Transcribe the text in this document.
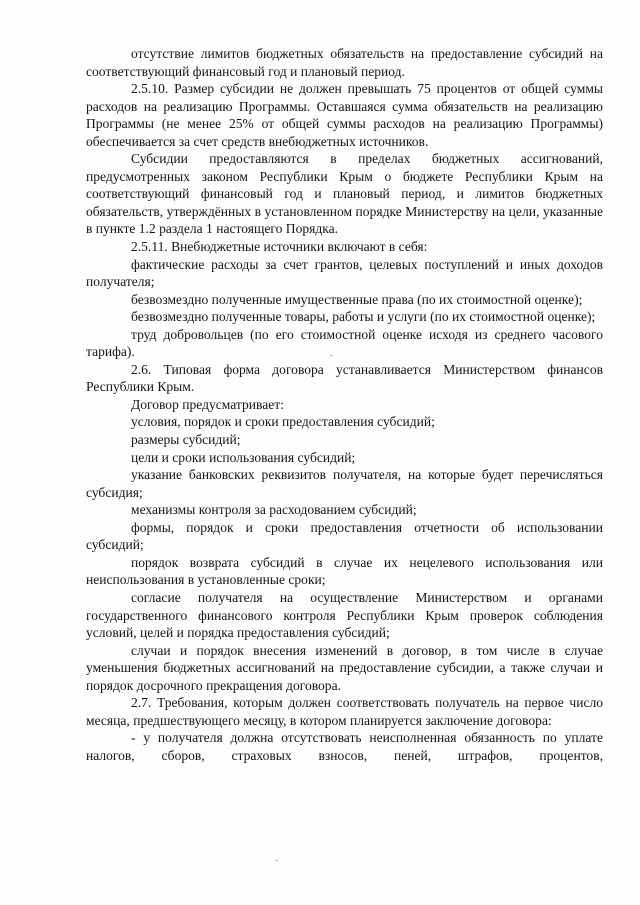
отсутствие лимитов бюджетных обязательств на предоставление субсидий на соответствующий финансовый год и плановый период.

2.5.10. Размер субсидии не должен превышать 75 процентов от общей суммы расходов на реализацию Программы. Оставшаяся сумма обязательств на реализацию Программы (не менее 25% от общей суммы расходов на реализацию Программы) обеспечивается за счет средств внебюджетных источников.

Субсидии предоставляются в пределах бюджетных ассигнований, предусмотренных законом Республики Крым о бюджете Республики Крым на соответствующий финансовый год и плановый период, и лимитов бюджетных обязательств, утверждённых в установленном порядке Министерству на цели, указанные в пункте 1.2 раздела 1 настоящего Порядка.

2.5.11. Внебюджетные источники включают в себя:

фактические расходы за счет грантов, целевых поступлений и иных доходов получателя;

безвозмездно полученные имущественные права (по их стоимостной оценке);

безвозмездно полученные товары, работы и услуги (по их стоимостной оценке);

труд добровольцев (по его стоимостной оценке исходя из среднего часового тарифа).

2.6. Типовая форма договора устанавливается Министерством финансов Республики Крым.

Договор предусматривает:

условия, порядок и сроки предоставления субсидий;

размеры субсидий;

цели и сроки использования субсидий;

указание банковских реквизитов получателя, на которые будет перечисляться субсидия;

механизмы контроля за расходованием субсидий;

формы, порядок и сроки предоставления отчетности об использовании субсидий;

порядок возврата субсидий в случае их нецелевого использования или неиспользования в установленные сроки;

согласие получателя на осуществление Министерством и органами государственного финансового контроля Республики Крым проверок соблюдения условий, целей и порядка предоставления субсидий;

случаи и порядок внесения изменений в договор, в том числе в случае уменьшения бюджетных ассигнований на предоставление субсидии, а также случаи и порядок досрочного прекращения договора.

2.7. Требования, которым должен соответствовать получатель на первое число месяца, предшествующего месяцу, в котором планируется заключение договора:

- у получателя должна отсутствовать неисполненная обязанность по уплате налогов, сборов, страховых взносов, пеней, штрафов, процентов,
